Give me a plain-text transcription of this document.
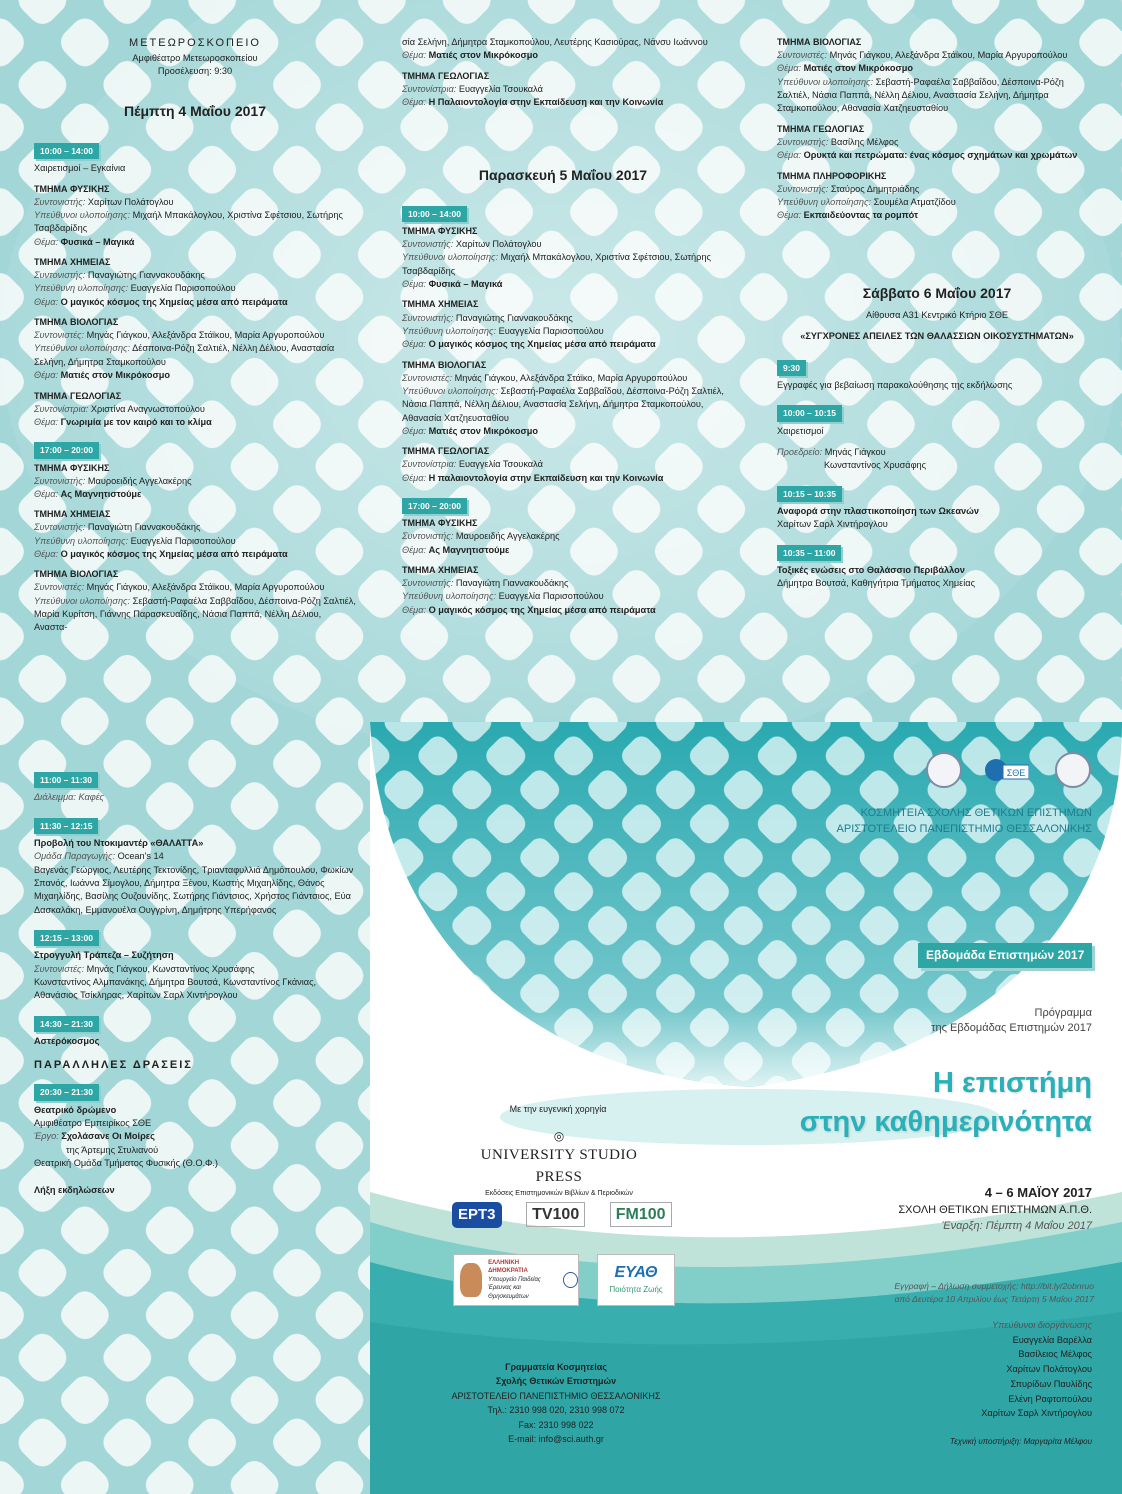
ΜΕΤΕΩΡΟΣΚΟΠΕΙΟ
Αμφιθέατρο Μετεωροσκοπείου
Προσέλευση: 9:30
Πέμπτη 4 Μαΐου 2017
10:00 – 14:00
Χαιρετισμοί – Εγκαίνια
ΤΜΗΜΑ ΦΥΣΙΚΗΣ
Συντονιστής: Χαρίτων Πολάτογλου
Υπεύθυνοι υλοποίησης: Μιχαήλ Μπακάλογλου, Χριστίνα Σφέτσιου, Σωτήρης Τσαβδαρίδης
Θέμα: Φυσικά – Μαγικά
ΤΜΗΜΑ ΧΗΜΕΙΑΣ
Συντονιστής: Παναγιώτης Γιαννακουδάκης
Υπεύθυνη υλοποίησης: Ευαγγελία Παρισοπούλου
Θέμα: Ο μαγικός κόσμος της Χημείας μέσα από πειράματα
ΤΜΗΜΑ ΒΙΟΛΟΓΙΑΣ
Συντονιστές: Μηνάς Γιάγκου, Αλεξάνδρα Στάϊκου, Μαρία Αργυροπούλου
Υπεύθυνοι υλοποίησης: Δέσποινα-Ρόζη Σαλτιέλ, Νέλλη Δέλιου, Αναστασία Σελήνη, Δήμητρα Σταμκοπούλου
Θέμα: Ματιές στον Μικρόκοσμο
ΤΜΗΜΑ ΓΕΩΛΟΓΙΑΣ
Συντονίστρια: Χριστίνα Αναγνωστοπούλου
Θέμα: Γνωριμία με τον καιρό και το κλίμα
17:00 – 20:00
ΤΜΗΜΑ ΦΥΣΙΚΗΣ
Συντονιστής: Μαυροειδής Αγγελακέρης
Θέμα: Ας Μαγνητιστούμε
ΤΜΗΜΑ ΧΗΜΕΙΑΣ
Συντονιστής: Παναγιώτη Γιαννακουδάκης
Υπεύθυνη υλοποίησης: Ευαγγελία Παρισοπούλου
Θέμα: Ο μαγικός κόσμος της Χημείας μέσα από πειράματα
ΤΜΗΜΑ ΒΙΟΛΟΓΙΑΣ
Συντονιστές: Μηνάς Γιάγκου, Αλεξάνδρα Στάϊκου, Μαρία Αργυροπούλου
Υπεύθυνοι υλοποίησης: Σεβαστή-Ραφαέλα Σαββαΐδου, Δέσποινα-Ρόζη Σαλτιέλ, Μαρία Κυρίτση, Γιάννης Παρασκευαΐδης, Νάσια Παππά, Νέλλη Δέλιου, Αναστα-
σία Σελήνη, Δήμητρα Σταμκοπούλου, Λευτέρης Κασιούρας, Νάνσυ Ιωάννου
Θέμα: Ματιές στον Μικρόκοσμο
ΤΜΗΜΑ ΓΕΩΛΟΓΙΑΣ
Συντονίστρια: Ευαγγελία Τσουκαλά
Θέμα: Η Παλαιοντολογία στην Εκπαίδευση και την Κοινωνία
Παρασκευή 5 Μαΐου 2017
10:00 – 14:00
ΤΜΗΜΑ ΦΥΣΙΚΗΣ
Συντονιστής: Χαρίτων Πολάτογλου
Υπεύθυνοι υλοποίησης: Μιχαήλ Μπακάλογλου, Χριστίνα Σφέτσιου, Σωτήρης Τσαβδαρίδης
Θέμα: Φυσικά – Μαγικά
ΤΜΗΜΑ ΧΗΜΕΙΑΣ
Συντονιστής: Παναγιώτης Γιαννακουδάκης
Υπεύθυνη υλοποίησης: Ευαγγελία Παρισοπούλου
Θέμα: Ο μαγικός κόσμος της Χημείας μέσα από πειράματα
ΤΜΗΜΑ ΒΙΟΛΟΓΙΑΣ
Συντονιστές: Μηνάς Γιάγκου, Αλεξάνδρα Στάϊκο, Μαρία Αργυροπούλου
Υπεύθυνοι υλοποίησης: Σεβαστή-Ραφαέλα Σαββαΐδου, Δέσποινα-Ρόζη Σαλτιέλ, Νάσια Παππά, Νέλλη Δέλιου, Αναστασία Σελήνη, Δήμητρα Σταμκοπούλου, Αθανασία Χατζηευσταθίου
Θέμα: Ματιές στον Μικρόκοσμο
ΤΜΗΜΑ ΓΕΩΛΟΓΙΑΣ
Συντονίστρια: Ευαγγελία Τσουκαλά
Θέμα: Η παλαιοντολογία στην Εκπαίδευση και την Κοινωνία
17:00 – 20:00
ΤΜΗΜΑ ΦΥΣΙΚΗΣ
Συντονιστής: Μαυροειδής Αγγελακέρης
Θέμα: Ας Μαγνητιστούμε
ΤΜΗΜΑ ΧΗΜΕΙΑΣ
Συντονιστής: Παναγιώτη Γιαννακουδάκης
Υπεύθυνη υλοποίησης: Ευαγγελία Παρισοπούλου
Θέμα: Ο μαγικός κόσμος της Χημείας μέσα από πειράματα
ΤΜΗΜΑ ΒΙΟΛΟΓΙΑΣ
Συντονιστές: Μηνάς Γιάγκου, Αλεξάνδρα Στάϊκου, Μαρία Αργυροπούλου
Θέμα: Ματιές στον Μικρόκοσμο
Υπεύθυνοι υλοποίησης: Σεβαστή-Ραφαέλα Σαββαΐδου, Δέσποινα-Ρόζη Σαλτιέλ, Νάσια Παππά, Νέλλη Δέλιου, Αναστασία Σελήνη, Δήμητρα Σταμκοπούλου, Αθανασία Χατζηευσταθίου
ΤΜΗΜΑ ΓΕΩΛΟΓΙΑΣ
Συντονιστής: Βασίλης Μέλφος
Θέμα: Ορυκτά και πετρώματα: ένας κόσμος σχημάτων και χρωμάτων
ΤΜΗΜΑ ΠΛΗΡΟΦΟΡΙΚΗΣ
Συντονιστής: Σταύρος Δημητριάδης
Υπεύθυνη υλοποίησης: Σουμέλα Ατματζίδου
Θέμα: Εκπαιδεύοντας τα ρομπότ
Σάββατο 6 Μαΐου 2017
Αίθουσα Α31 Κεντρικό Κτήριο ΣΘΕ
«ΣΥΓΧΡΟΝΕΣ ΑΠΕΙΛΕΣ ΤΩΝ ΘΑΛΑΣΣΙΩΝ ΟΙΚΟΣΥΣΤΗΜΑΤΩΝ»
9:30
Εγγραφές για βεβαίωση παρακολούθησης της εκδήλωσης
10:00 – 10:15
Χαιρετισμοί
Προεδρείο: Μηνάς Γιάγκου
Κωνσταντίνος Χρυσάφης
10:15 – 10:35
Αναφορά στην πλαστικοποίηση των Ωκεανών
Χαρίτων Σαρλ Χιντήρογλου
10:35 – 11:00
Τοξικές ενώσεις στο Θαλάσσιο Περιβάλλον
Δήμητρα Βουτσά, Καθηγήτρια Τμήματος Χημείας
11:00 – 11:30
Διάλειμμα: Καφές
11:30 – 12:15
Προβολή του Ντοκιμαντέρ «ΘΑΛΑΤΤΑ»
Ομάδα Παραγωγής: Ocean's 14
Βαγενάς Γεώργιος, Λευτέρης Τεκτονίδης, Τριανταφυλλιά Δημόπουλου, Φωκίων Σπανός, Ιωάννα Σίμογλου, Δήμητρα Ξένου, Κωστής Μιχαηλίδης, Θάνος Μιχαηλίδης, Βασίλης Ουζουνίδης, Σωτήρης Γιάντσιος, Χρήστος Γιάντσιος, Εύα Δασκαλάκη, Εμμανουέλα Ουγγρίνη, Δημήτρης Υπερήφανος
12:15 – 13:00
Στρογγυλή Τράπεζα – Συζήτηση
Συντονιστές: Μηνάς Γιάγκου, Κωνσταντίνος Χρυσάφης
Κωνσταντίνος Αλμπανάκης, Δήμητρα Βουτσά, Κωνσταντίνος Γκάνιας, Αθανάσιος Τσίκληρας, Χαρίτων Σαρλ Χιντήρογλου
14:30 – 21:30
Αστερόκοσμος
ΠΑΡΑΛΛΗΛΕΣ ΔΡΑΣΕΙΣ
20:30 – 21:30
Θεατρικό δρώμενο
Αμφιθέατρο Εμπειρίκος ΣΘΕ
Έργο: Σχολάσανε Οι Μοίρες
της Άρτεμης Στυλιανού
Θεατρική Ομάδα Τμήματος Φυσικής (Θ.Ο.Φ.)
Λήξη εκδηλώσεων

ΣΘΕ

ΚΟΣΜΗΤΕΙΑ ΣΧΟΛΗΣ ΘΕΤΙΚΩΝ ΕΠΙΣΤΗΜΩΝ
ΑΡΙΣΤΟΤΕΛΕΙΟ ΠΑΝΕΠΙΣΤΗΜΙΟ ΘΕΣΣΑΛΟΝΙΚΗΣ
Εβδομάδα Επιστημών 2017
Πρόγραμμα
της Εβδομάδας Επιστημών 2017
Η επιστήμη
στην καθημερινότητα
4 – 6 ΜΑΪΟΥ 2017
ΣΧΟΛΗ ΘΕΤΙΚΩΝ ΕΠΙΣΤΗΜΩΝ Α.Π.Θ.
Έναρξη: Πέμπτη 4 Μαΐου 2017
Εγγραφή – Δήλωση συμμετοχής: http://bit.ly/2obnruo
από Δευτέρα 10 Απριλίου έως Τετάρτη 5 Μαΐου 2017
Υπεύθυνοι διοργάνωσης
Ευαγγελία Βαρέλλα
Βασίλειος Μέλφος
Χαρίτων Πολάτογλου
Σπυρίδων Παυλίδης
Ελένη Ραφτοπούλου
Χαρίτων Σαρλ Χιντήρογλου
Τεχνική υποστήριξη: Μαργαρίτα Μέλφου
Με την ευγενική χορηγία
◎
UNIVERSITY STUDIO PRESS
Εκδόσεις Επιστημονικών Βιβλίων & Περιοδικών
ΕΡΤ3 TV100 FM100
ΕΛΛΗΝΙΚΗ ΔΗΜΟΚΡΑΤΙΑ
Υπουργείο Παιδείας
Έρευνας και Θρησκευμάτων
ΕΥΑΘ
Ποιότητα Ζωής
Γραμματεία Κοσμητείας
Σχολής Θετικών Επιστημών
ΑΡΙΣΤΟΤΕΛΕΙΟ ΠΑΝΕΠΙΣΤΗΜΙΟ ΘΕΣΣΑΛΟΝΙΚΗΣ
Τηλ.: 2310 998 020, 2310 998 072
Fax: 2310 998 022
E-mail: info@sci.auth.gr
